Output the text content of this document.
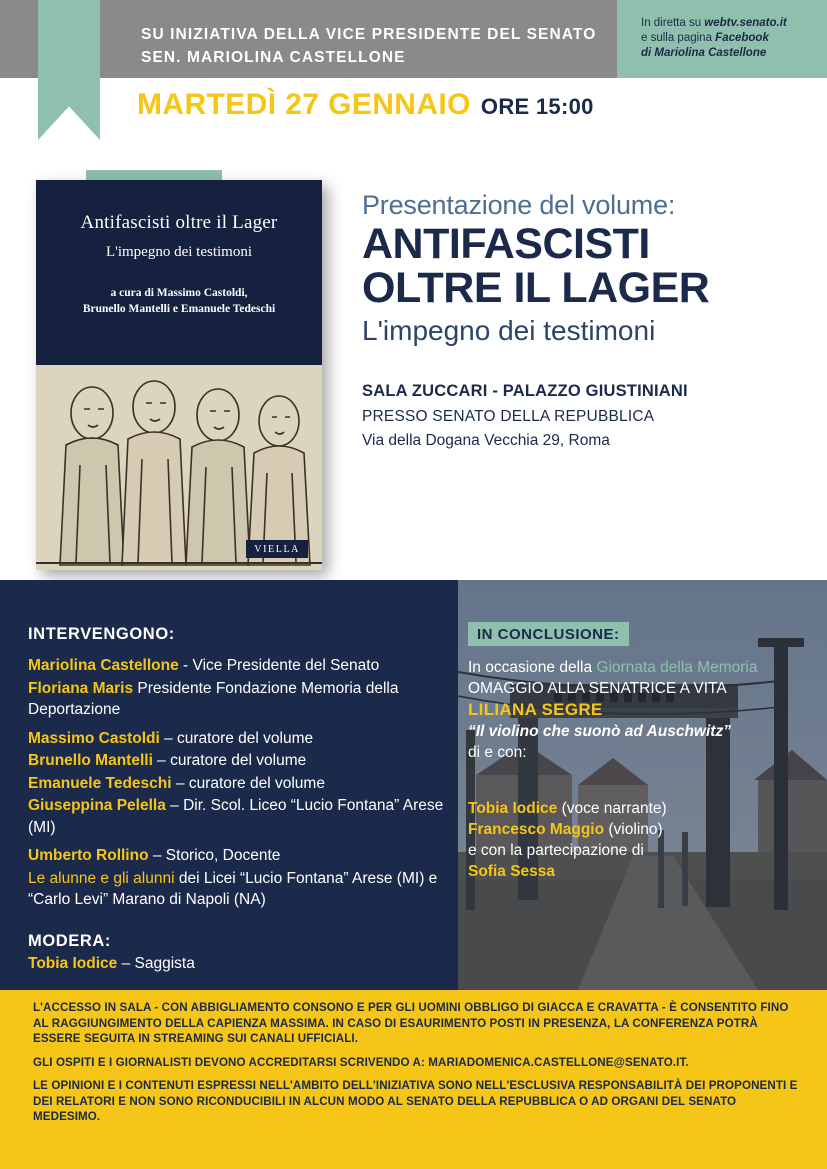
SU INIZIATIVA DELLA VICE PRESIDENTE DEL SENATO SEN. MARIOLINA CASTELLONE
In diretta su webtv.senato.it
e sulla pagina Facebook
di Mariolina Castellone
MARTEDÌ 27 GENNAIO ORE 15:00
Antifascisti oltre il Lager
L'impegno dei testimoni
a cura di Massimo Castoldi,
Brunello Mantelli e Emanuele Tedeschi
VIELLA
Presentazione del volume:
ANTIFASCISTI
OLTRE IL LAGER
L'impegno dei testimoni
SALA ZUCCARI - PALAZZO GIUSTINIANI
PRESSO SENATO DELLA REPUBBLICA
Via della Dogana Vecchia 29, Roma
INTERVENGONO:
Mariolina Castellone - Vice Presidente del Senato
Floriana Maris Presidente Fondazione Memoria della Deportazione
Massimo Castoldi – curatore del volume
Brunello Mantelli – curatore del volume
Emanuele Tedeschi – curatore del volume
Giuseppina Pelella – Dir. Scol. Liceo “Lucio Fontana” Arese (MI)
Umberto Rollino – Storico, Docente
Le alunne e gli alunni dei Licei “Lucio Fontana” Arese (MI) e “Carlo Levi” Marano di Napoli (NA)
MODERA:
Tobia Iodice – Saggista
IN CONCLUSIONE:
In occasione della Giornata della Memoria
OMAGGIO ALLA SENATRICE A VITA
LILIANA SEGRE
“Il violino che suonò ad Auschwitz”
di e con:
Tobia Iodice (voce narrante)
Francesco Maggio (violino)
e con la partecipazione di
Sofia Sessa

L'ACCESSO IN SALA - CON ABBIGLIAMENTO CONSONO E PER GLI UOMINI OBBLIGO DI GIACCA E CRAVATTA - È CONSENTITO FINO AL RAGGIUNGIMENTO DELLA CAPIENZA MASSIMA. IN CASO DI ESAURIMENTO POSTI IN PRESENZA, LA CONFERENZA POTRÀ ESSERE SEGUITA IN STREAMING SUI CANALI UFFICIALI.

GLI OSPITI E I GIORNALISTI DEVONO ACCREDITARSI SCRIVENDO A: MARIADOMENICA.CASTELLONE@SENATO.IT.

LE OPINIONI E I CONTENUTI ESPRESSI NELL'AMBITO DELL'INIZIATIVA SONO NELL'ESCLUSIVA RESPONSABILITÀ DEI PROPONENTI E DEI RELATORI E NON SONO RICONDUCIBILI IN ALCUN MODO AL SENATO DELLA REPUBBLICA O AD ORGANI DEL SENATO MEDESIMO.
